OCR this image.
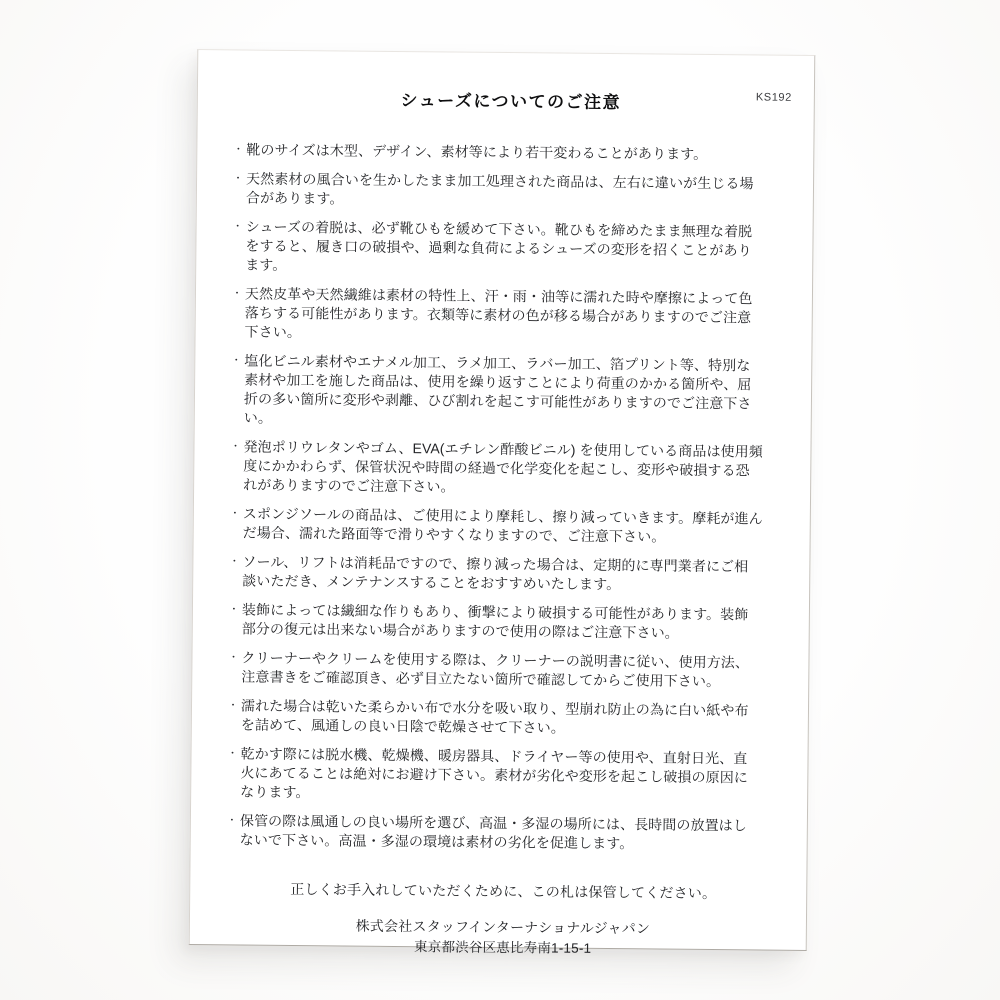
KS192
シューズについてのご注意
・ 靴のサイズは木型、デザイン、素材等により若干変わることがあります。
・ 天然素材の風合いを生かしたまま加工処理された商品は、左右に違いが生じる場合があります。
・ シューズの着脱は、必ず靴ひもを緩めて下さい。靴ひもを締めたまま無理な着脱をすると、履き口の破損や、過剰な負荷によるシューズの変形を招くことがあります。
・ 天然皮革や天然繊維は素材の特性上、汗・雨・油等に濡れた時や摩擦によって色落ちする可能性があります。衣類等に素材の色が移る場合がありますのでご注意下さい。
・ 塩化ビニル素材やエナメル加工、ラメ加工、ラバー加工、箔プリント等、特別な素材や加工を施した商品は、使用を繰り返すことにより荷重のかかる箇所や、屈折の多い箇所に変形や剥離、ひび割れを起こす可能性がありますのでご注意下さい。
・ 発泡ポリウレタンやゴム、EVA(エチレン酢酸ビニル) を使用している商品は使用頻度にかかわらず、保管状況や時間の経過で化学変化を起こし、変形や破損する恐れがありますのでご注意下さい。
・ スポンジソールの商品は、ご使用により摩耗し、擦り減っていきます。摩耗が進んだ場合、濡れた路面等で滑りやすくなりますので、ご注意下さい。
・ ソール、リフトは消耗品ですので、擦り減った場合は、定期的に専門業者にご相談いただき、メンテナンスすることをおすすめいたします。
・ 装飾によっては繊細な作りもあり、衝撃により破損する可能性があります。装飾部分の復元は出来ない場合がありますので使用の際はご注意下さい。
・ クリーナーやクリームを使用する際は、クリーナーの説明書に従い、使用方法、注意書きをご確認頂き、必ず目立たない箇所で確認してからご使用下さい。
・ 濡れた場合は乾いた柔らかい布で水分を吸い取り、型崩れ防止の為に白い紙や布を詰めて、風通しの良い日陰で乾燥させて下さい。
・ 乾かす際には脱水機、乾燥機、暖房器具、ドライヤー等の使用や、直射日光、直火にあてることは絶対にお避け下さい。素材が劣化や変形を起こし破損の原因になります。
・ 保管の際は風通しの良い場所を選び、高温・多湿の場所には、長時間の放置はしないで下さい。高温・多湿の環境は素材の劣化を促進します。

正しくお手入れしていただくために、この札は保管してください。

株式会社スタッフインターナショナルジャパン

東京都渋谷区恵比寿南1-15-1
